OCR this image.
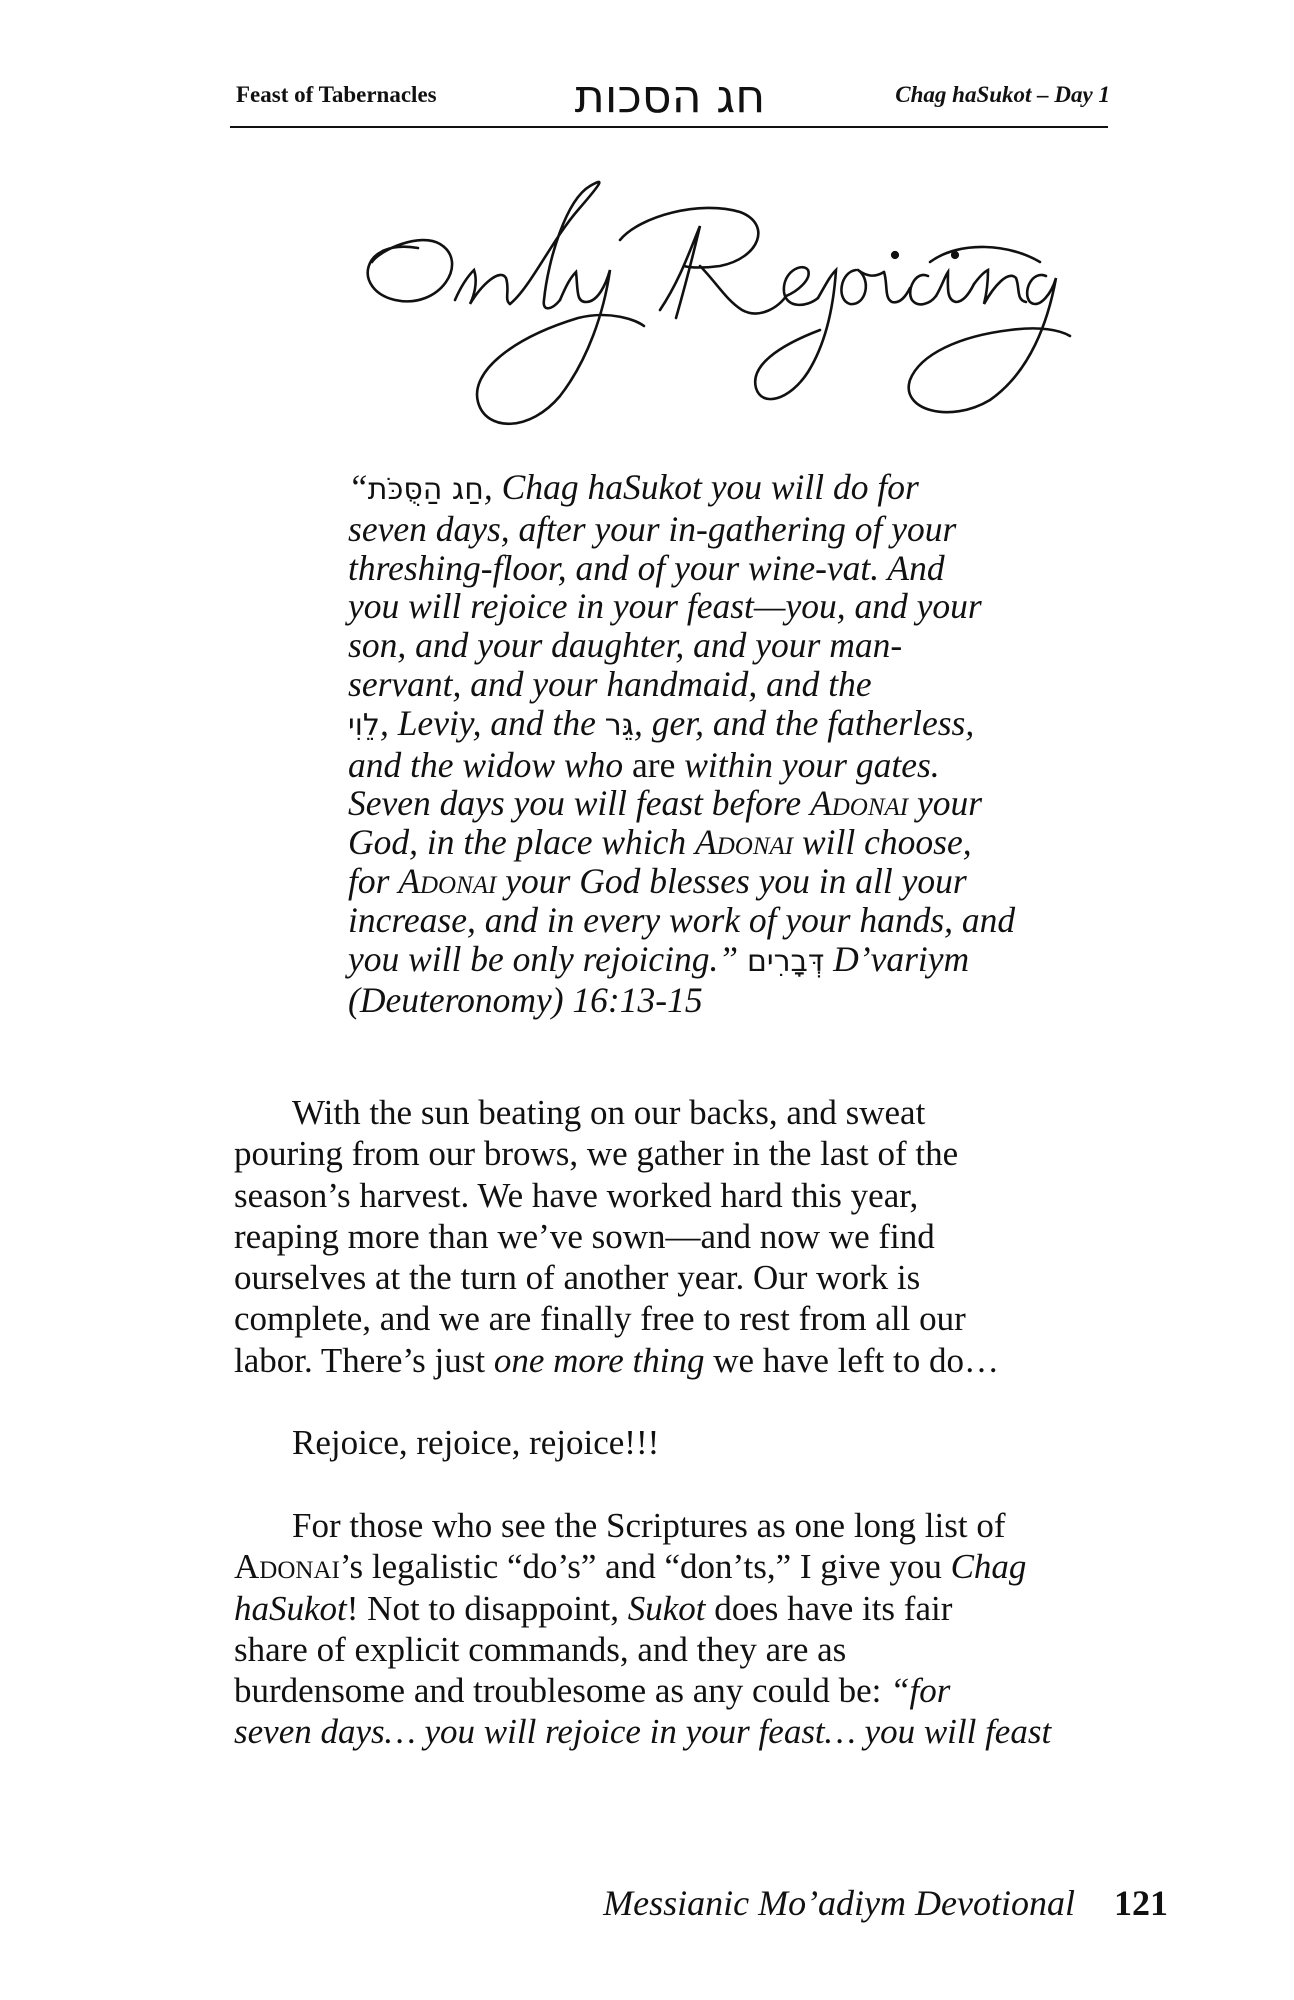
Feast of Tabernacles	חג הסכות	Chag haSukot – Day 1
“חַג הַסֻּכֹּת, Chag haSukot you will do for
seven days, after your in-gathering of your
threshing-floor, and of your wine-vat. And
you will rejoice in your feast—you, and your
son, and your daughter, and your man-
servant, and your handmaid, and the
לֵוִי, Leviy, and the גֵּר, ger, and the fatherless,
and the widow who are within your gates.
Seven days you will feast before Adonai your
God, in the place which Adonai will choose,
for Adonai your God blesses you in all your
increase, and in every work of your hands, and
you will be only rejoicing.” דְּבָרִים D’variym
(Deuteronomy) 16:13-15
With the sun beating on our backs, and sweat
pouring from our brows, we gather in the last of the
season’s harvest. We have worked hard this year,
reaping more than we’ve sown—and now we find
ourselves at the turn of another year. Our work is
complete, and we are finally free to rest from all our
labor. There’s just one more thing we have left to do…
Rejoice, rejoice, rejoice!!!
For those who see the Scriptures as one long list of
Adonai’s legalistic “do’s” and “don’ts,” I give you Chag
haSukot! Not to disappoint, Sukot does have its fair
share of explicit commands, and they are as
burdensome and troublesome as any could be: “for
seven days… you will rejoice in your feast… you will feast
Messianic Mo’adiym Devotional 121
